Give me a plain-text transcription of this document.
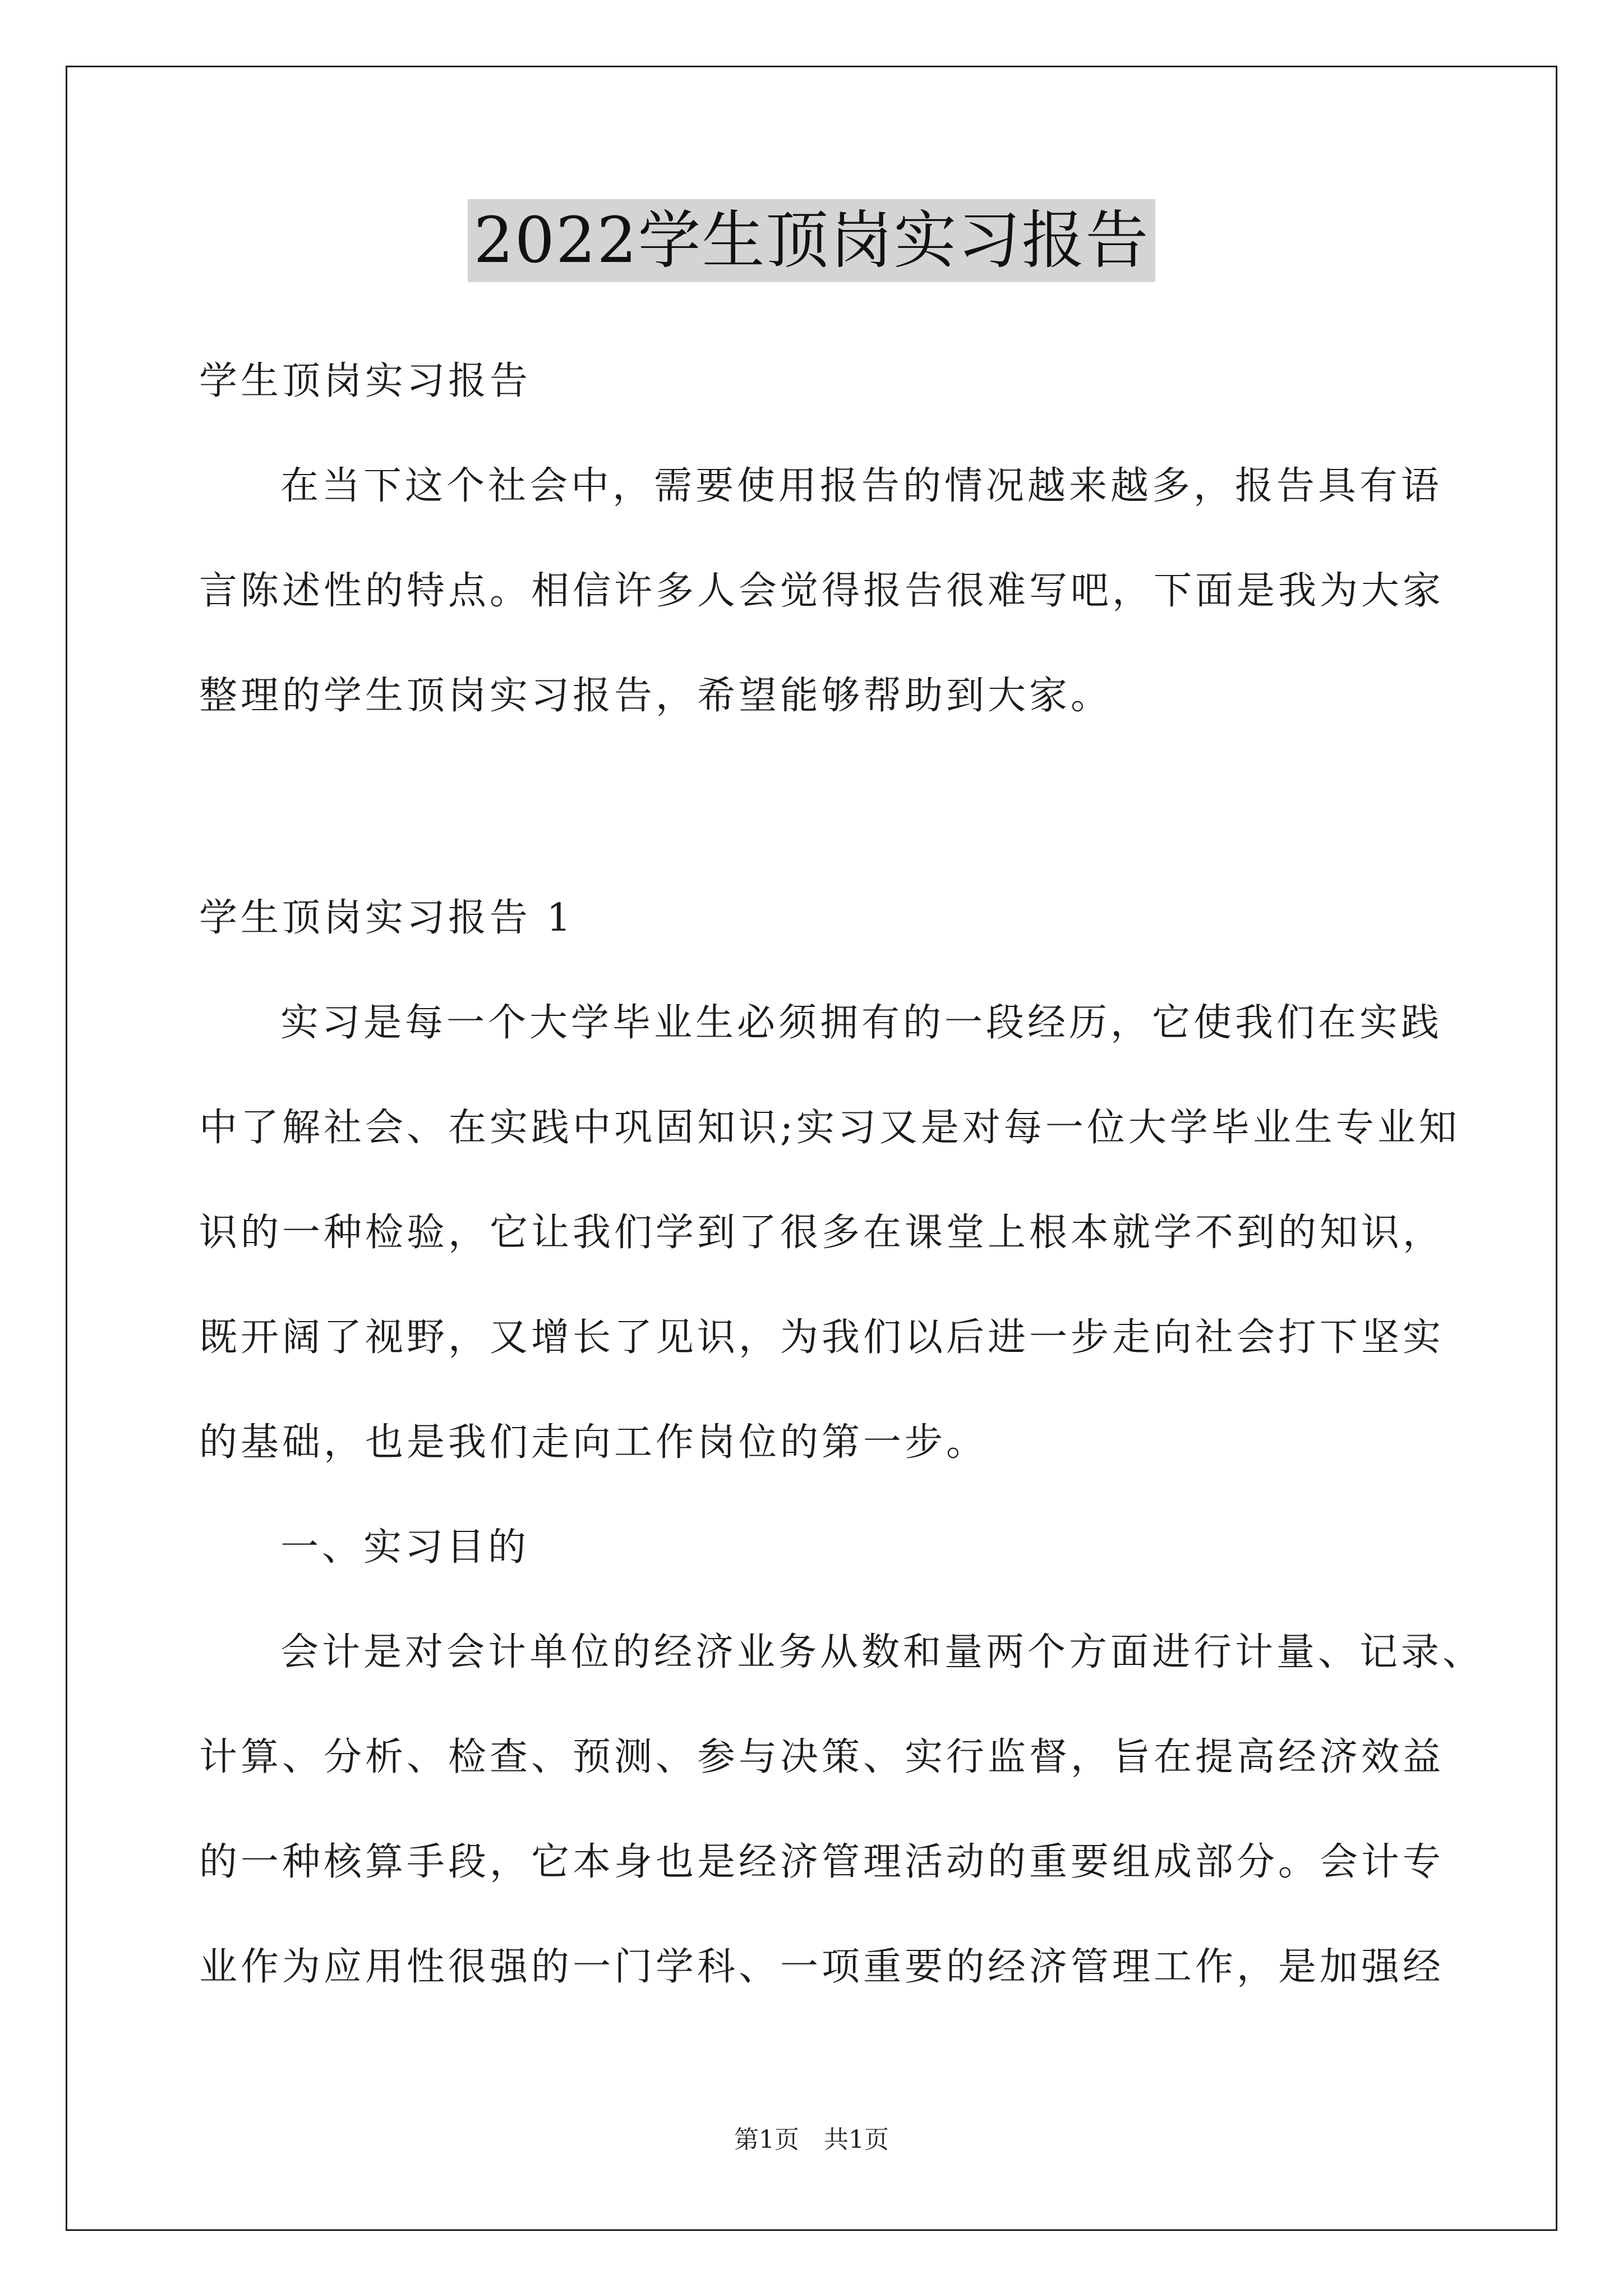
2022学生顶岗实习报告
学生顶岗实习报告
在当下这个社会中，需要使用报告的情况越来越多，报告具有语
言陈述性的特点。相信许多人会觉得报告很难写吧，下面是我为大家
整理的学生顶岗实习报告，希望能够帮助到大家。
学生顶岗实习报告 1
实习是每一个大学毕业生必须拥有的一段经历，它使我们在实践
中了解社会、在实践中巩固知识;实习又是对每一位大学毕业生专业知
识的一种检验，它让我们学到了很多在课堂上根本就学不到的知识，
既开阔了视野，又增长了见识，为我们以后进一步走向社会打下坚实
的基础，也是我们走向工作岗位的第一步。
一、实习目的
会计是对会计单位的经济业务从数和量两个方面进行计量、记录、
计算、分析、检查、预测、参与决策、实行监督，旨在提高经济效益
的一种核算手段，它本身也是经济管理活动的重要组成部分。会计专
业作为应用性很强的一门学科、一项重要的经济管理工作，是加强经
第1页　共1页
